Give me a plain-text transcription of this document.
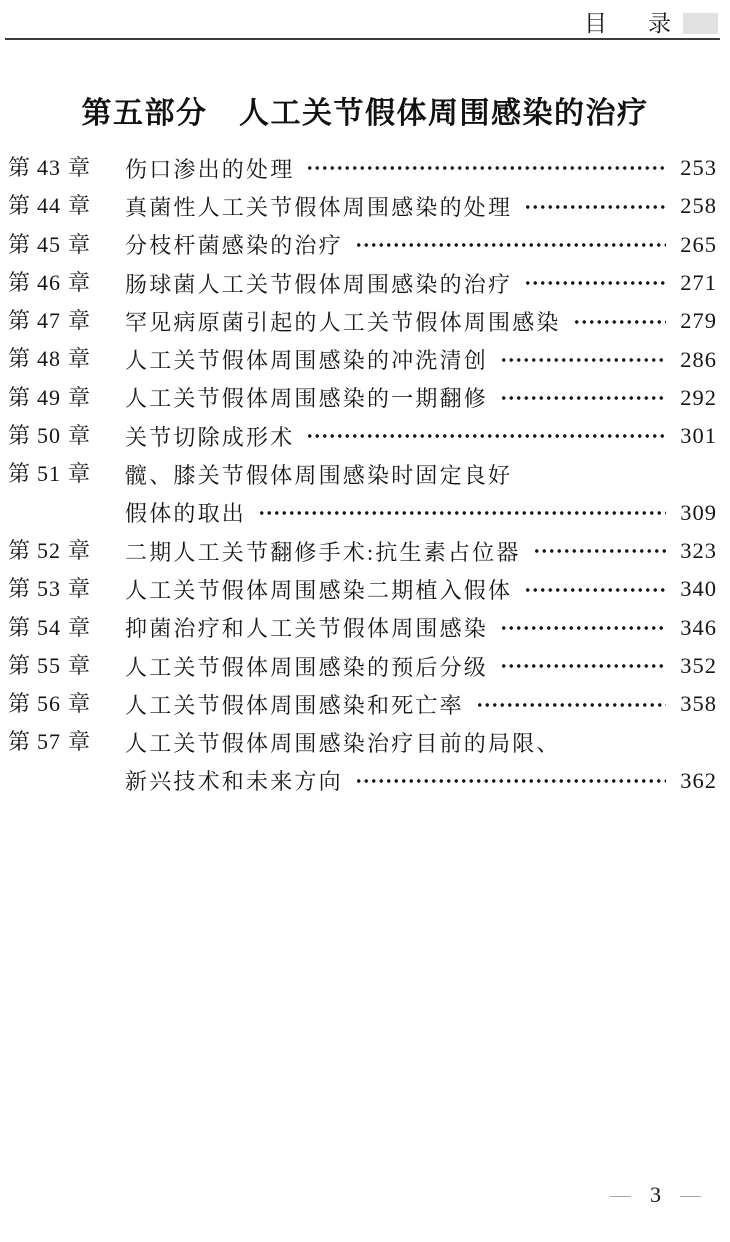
目 录
第五部分　人工关节假体周围感染的治疗
第 43 章	伤口渗出的处理	253
第 44 章	真菌性人工关节假体周围感染的处理	258
第 45 章	分枝杆菌感染的治疗	265
第 46 章	肠球菌人工关节假体周围感染的治疗	271
第 47 章	罕见病原菌引起的人工关节假体周围感染	279
第 48 章	人工关节假体周围感染的冲洗清创	286
第 49 章	人工关节假体周围感染的一期翻修	292
第 50 章	关节切除成形术	301
第 51 章	髋、膝关节假体周围感染时固定良好
假体的取出	309
第 52 章	二期人工关节翻修手术:抗生素占位器	323
第 53 章	人工关节假体周围感染二期植入假体	340
第 54 章	抑菌治疗和人工关节假体周围感染	346
第 55 章	人工关节假体周围感染的预后分级	352
第 56 章	人工关节假体周围感染和死亡率	358
第 57 章	人工关节假体周围感染治疗目前的局限、
新兴技术和未来方向	362
— 3 —
